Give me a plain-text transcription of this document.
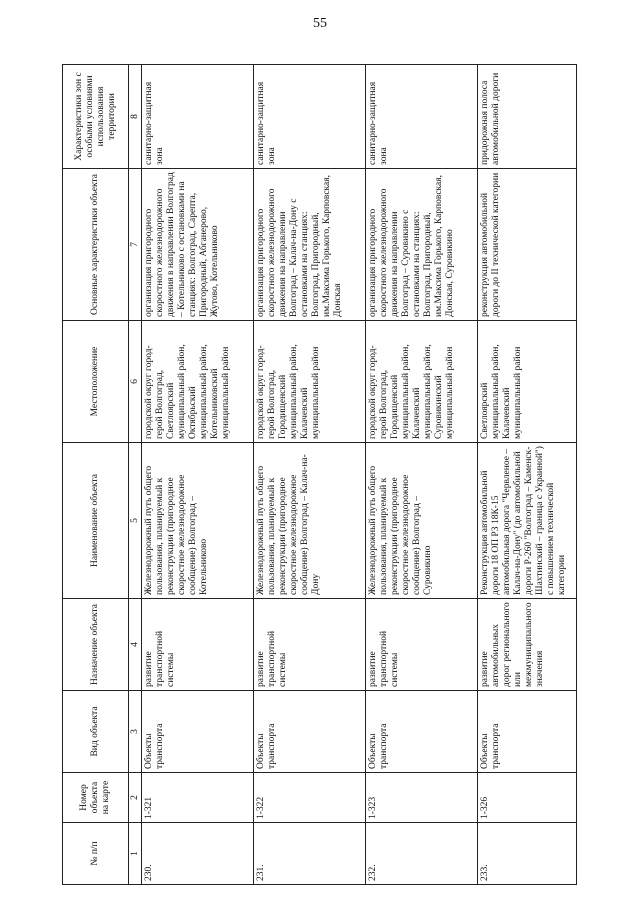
55
№ п/п	Номер объекта на карте	Вид объекта	Назначение объекта	Наименование объекта	Местоположение	Основные характеристики объекта	Характеристики зон с особыми условиями использования территории
1	2	3	4	5	6	7	8
230.	1-321	Объекты транспорта	развитие транспортной системы	Железнодорожный путь общего пользования, планируемый к реконструкции (пригородное скоростное железнодорожное сообщение) Волгоград – Котельниково	городской округ город-герой Волгоград, Светлоярский муниципальный район, Октябрьский муниципальный район, Котельниковский муниципальный район	организация пригородного скоростного железнодорожного движения в направлении Волгоград – Котельниково с остановками на станциях: Волгоград, Сарепта, Пригородный, Абганерово, Жутово, Котельниково	санитарно-защитная зона
231.	1-322	Объекты транспорта	развитие транспортной системы	Железнодорожный путь общего пользования, планируемый к реконструкции (пригородное скоростное железнодорожное сообщение) Волгоград – Калач-на-Дону	городской округ город-герой Волгоград, Городищенский муниципальный район, Калачевский муниципальный район	организация пригородного скоростного железнодорожного движения на направлении Волгоград – Калач-на-Дону с остановками на станциях: Волгоград, Пригородный, им.Максима Горького, Карповская, Донская	санитарно-защитная зона
232.	1-323	Объекты транспорта	развитие транспортной системы	Железнодорожный путь общего пользования, планируемый к реконструкции (пригородное скоростное железнодорожное сообщение) Волгоград – Суровикино	городской округ город-герой Волгоград, Городищенский муниципальный район, Калачевский муниципальный район, Суровикинский муниципальный район	организация пригородного скоростного железнодорожного движения на направлении Волгоград – Суровикино с остановками на станциях: Волгоград, Пригородный, им.Максима Горького, Карповская, Донская, Суровикино	санитарно-защитная зона
233.	1-326	Объекты транспорта	развитие автомобильных дорог регионального или межмуниципального значения	Реконструкция автомобильной дороги 18 ОП РЗ 18К-15 автомобильная дорога "Червленое – Калач-на-Дону" (до автомобильной дороги Р-260 "Волгоград – Каменск-Шахтинский – граница с Украиной") с повышением технической категории	Светлоярский муниципальный район, Калачевский муниципальный район	реконструкция автомобильной дороги до II технической категории	придорожная полоса автомобильной дороги
